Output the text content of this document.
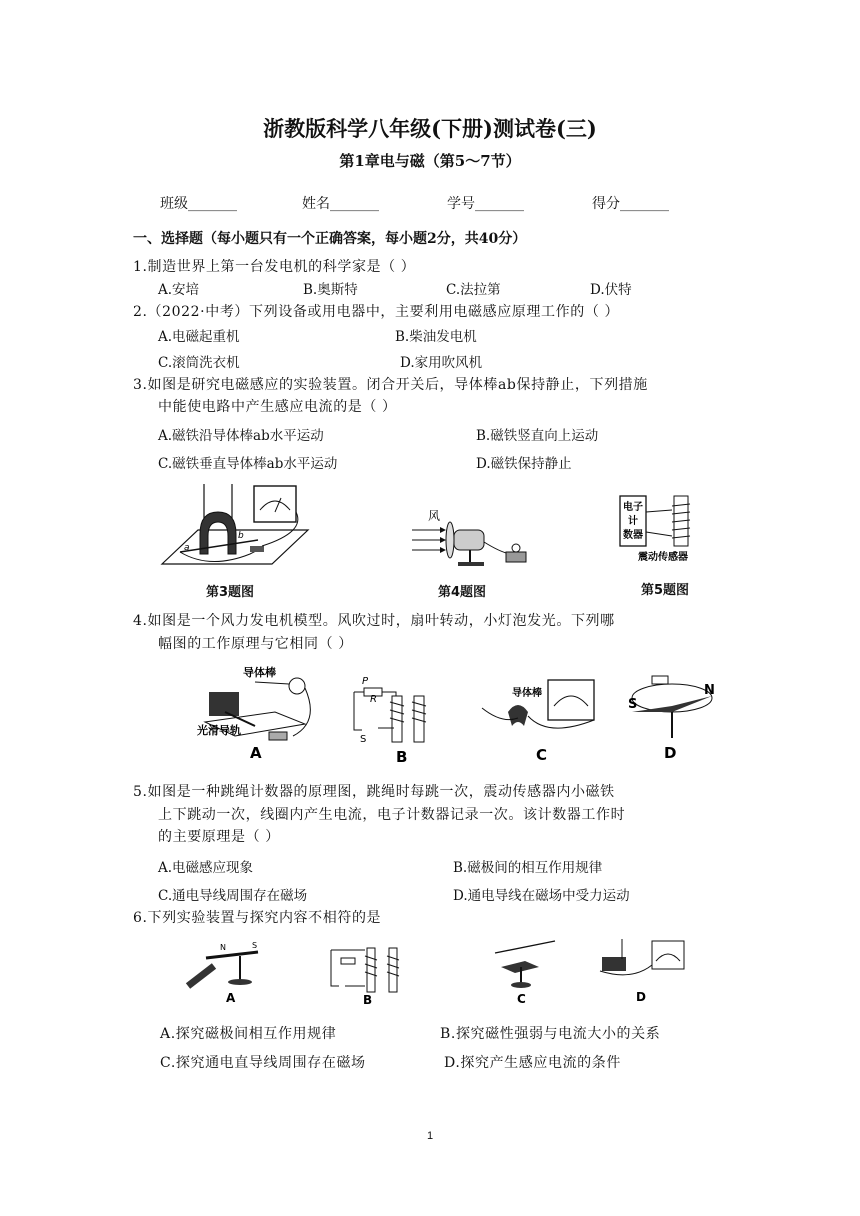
浙教版科学八年级(下册)测试卷(三)
第1章电与磁（第5～7节）
班级_______	姓名_______	学号_______	得分_______
一、选择题（每小题只有一个正确答案，每小题2分，共40分）
1.制造世界上第一台发电机的科学家是（ ）
A.安培	B.奥斯特	C.法拉第	D.伏特
2.（2022·中考）下列设备或用电器中，主要利用电磁感应原理工作的（ ）
A.电磁起重机	B.柴油发电机
C.滚筒洗衣机	D.家用吹风机
3.如图是研究电磁感应的实验装置。闭合开关后，导体棒ab保持静止，下列措施
中能使电路中产生感应电流的是（ ）
A.磁铁沿导体棒ab水平运动	B.磁铁竖直向上运动
C.磁铁垂直导体棒ab水平运动	D.磁铁保持静止
a
b
风
电子
计
数器
震动传感器
第3题图	第4题图	第5题图
4.如图是一个风力发电机模型。风吹过时，扇叶转动，小灯泡发光。下列哪
幅图的工作原理与它相同（ ）
导体棒
光滑导轨
A
P
R
S
B
导体棒
C
S
N
D
5.如图是一种跳绳计数器的原理图，跳绳时每跳一次，震动传感器内小磁铁
上下跳动一次，线圈内产生电流，电子计数器记录一次。该计数器工作时
的主要原理是（ ）
A.电磁感应现象	B.磁极间的相互作用规律
C.通电导线周围存在磁场	D.通电导线在磁场中受力运动
6.下列实验装置与探究内容不相符的是
N	S
A	B	C	D
A.探究磁极间相互作用规律	B.探究磁性强弱与电流大小的关系
C.探究通电直导线周围存在磁场	D.探究产生感应电流的条件
1
